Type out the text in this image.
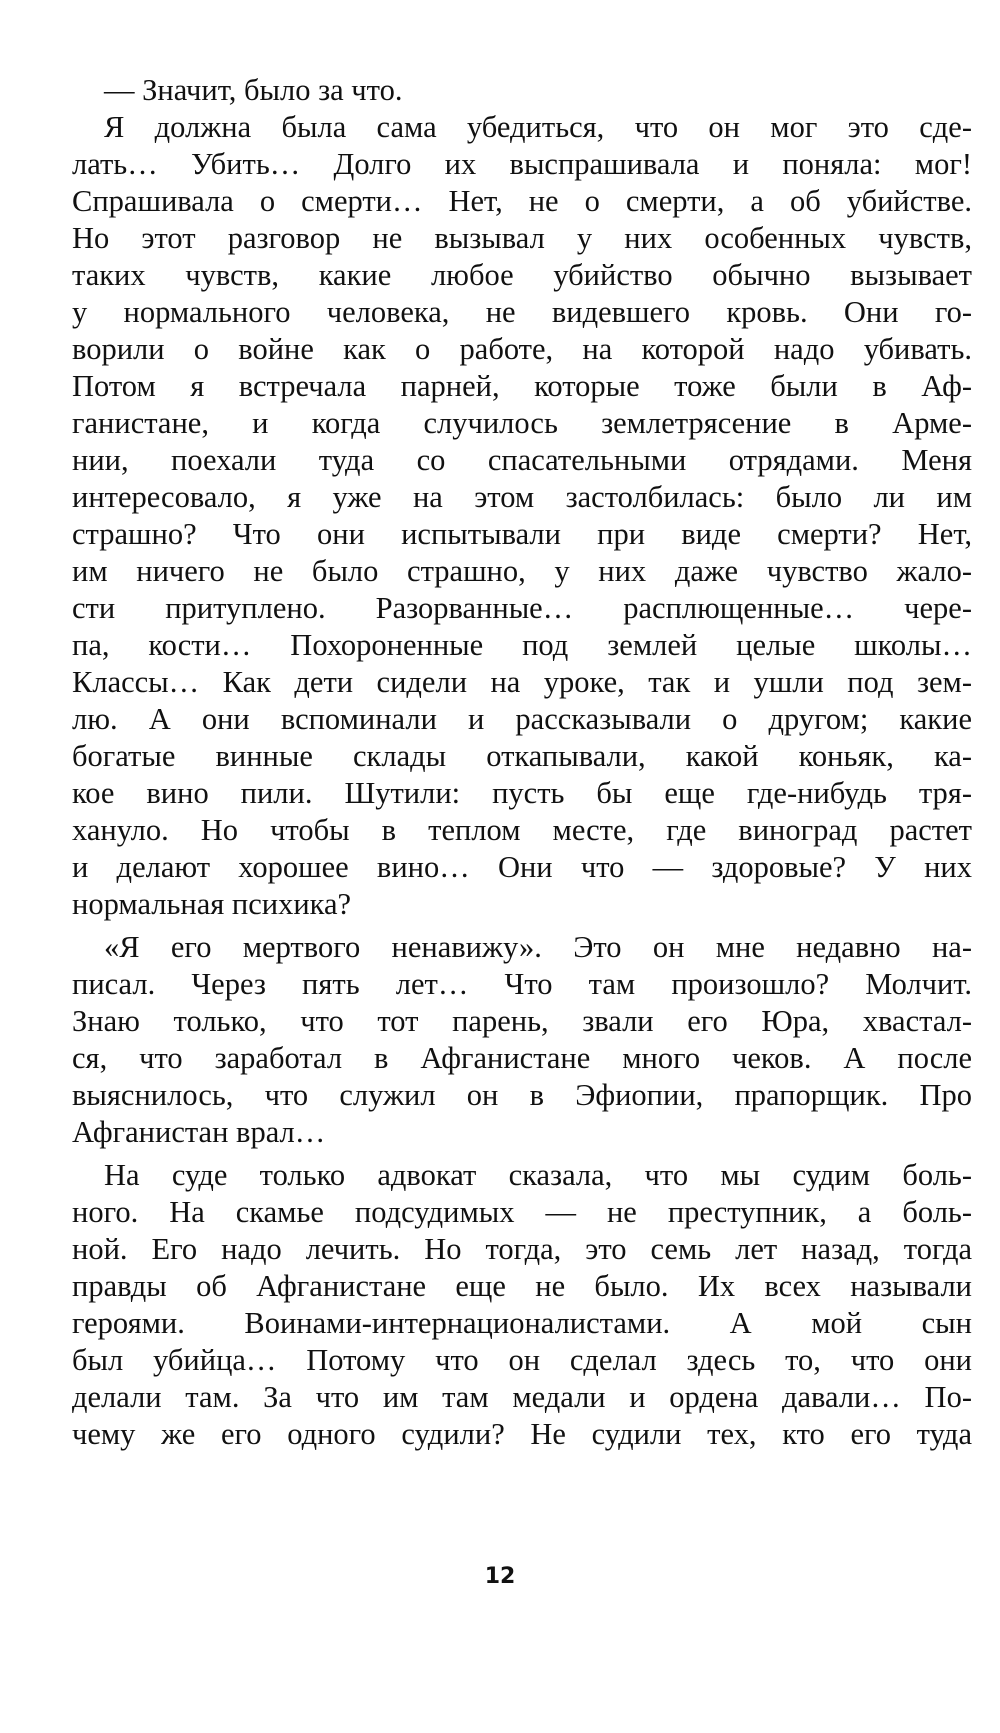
— Значит, было за что.
Я должна была сама убедиться, что он мог это сде-
лать… Убить… Долго их выспрашивала и поняла: мог!
Спрашивала о смерти… Нет, не о смерти, а об убийстве.
Но этот разговор не вызывал у них особенных чувств,
таких чувств, какие любое убийство обычно вызывает
у нормального человека, не видевшего кровь. Они го-
ворили о войне как о работе, на которой надо убивать.
Потом я встречала парней, которые тоже были в Аф-
ганистане, и когда случилось землетрясение в Арме-
нии, поехали туда со спасательными отрядами. Меня
интересовало, я уже на этом застолбилась: было ли им
страшно? Что они испытывали при виде смерти? Нет,
им ничего не было страшно, у них даже чувство жало-
сти притуплено. Разорванные… расплющенные… чере-
па, кости… Похороненные под землей целые школы…
Классы… Как дети сидели на уроке, так и ушли под зем-
лю. А они вспоминали и рассказывали о другом; какие
богатые винные склады откапывали, какой коньяк, ка-
кое вино пили. Шутили: пусть бы еще где-нибудь тря-
хануло. Но чтобы в теплом месте, где виноград растет
и делают хорошее вино… Они что — здоровые? У них
нормальная психика?
«Я его мертвого ненавижу». Это он мне недавно на-
писал. Через пять лет… Что там произошло? Молчит.
Знаю только, что тот парень, звали его Юра, хвастал-
ся, что заработал в Афганистане много чеков. А после
выяснилось, что служил он в Эфиопии, прапорщик. Про
Афганистан врал…
На суде только адвокат сказала, что мы судим боль-
ного. На скамье подсудимых — не преступник, а боль-
ной. Его надо лечить. Но тогда, это семь лет назад, тогда
правды об Афганистане еще не было. Их всех называли
героями. Воинами-интернационалистами. А мой сын
был убийца… Потому что он сделал здесь то, что они
делали там. За что им там медали и ордена давали… По-
чему же его одного судили? Не судили тех, кто его туда
12
